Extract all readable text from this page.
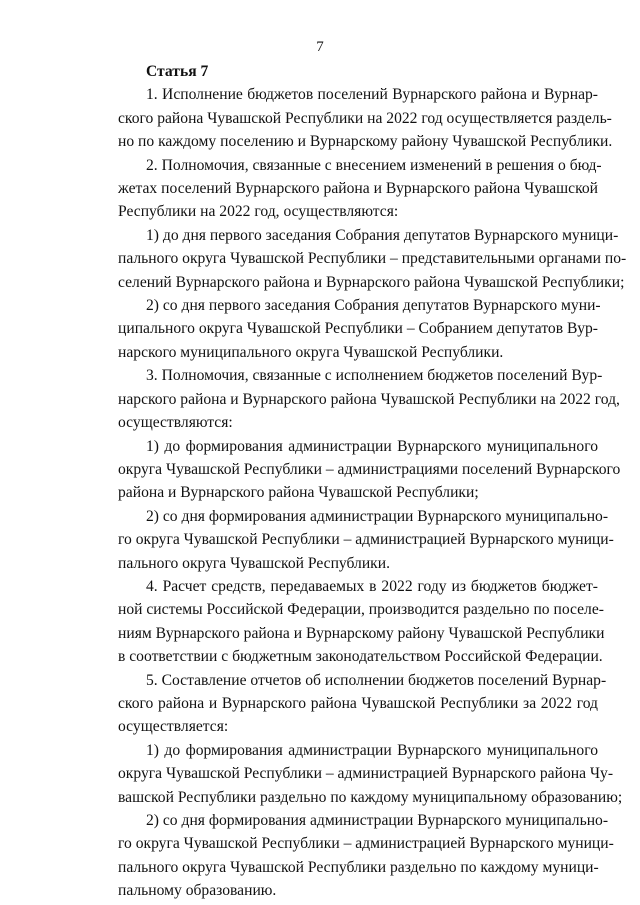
7
Статья 7
1. Исполнение бюджетов поселений Вурнарского района и Вурнар-
ского района Чувашской Республики на 2022 год осуществляется раздель-
но по каждому поселению и Вурнарскому району Чувашской Республики.
2. Полномочия, связанные с внесением изменений в решения о бюд-
жетах поселений Вурнарского района и Вурнарского района Чувашской
Республики на 2022 год, осуществляются:
1) до дня первого заседания Собрания депутатов Вурнарского муници-
пального округа Чувашской Республики – представительными органами по-
селений Вурнарского района и Вурнарского района Чувашской Республики;
2) со дня первого заседания Собрания депутатов Вурнарского муни-
ципального округа Чувашской Республики – Собранием депутатов Вур-
нарского муниципального округа Чувашской Республики.
3. Полномочия, связанные с исполнением бюджетов поселений Вур-
нарского района и Вурнарского района Чувашской Республики на 2022 год,
осуществляются:
1) до формирования администрации Вурнарского муниципального
округа Чувашской Республики – администрациями поселений Вурнарского
района и Вурнарского района Чувашской Республики;
2) со дня формирования администрации Вурнарского муниципально-
го округа Чувашской Республики – администрацией Вурнарского муници-
пального округа Чувашской Республики.
4. Расчет средств, передаваемых в 2022 году из бюджетов бюджет-
ной системы Российской Федерации, производится раздельно по поселе-
ниям Вурнарского района и Вурнарскому району Чувашской Республики
в соответствии с бюджетным законодательством Российской Федерации.
5. Составление отчетов об исполнении бюджетов поселений Вурнар-
ского района и Вурнарского района Чувашской Республики за 2022 год
осуществляется:
1) до формирования администрации Вурнарского муниципального
округа Чувашской Республики – администрацией Вурнарского района Чу-
вашской Республики раздельно по каждому муниципальному образованию;
2) со дня формирования администрации Вурнарского муниципально-
го округа Чувашской Республики – администрацией Вурнарского муници-
пального округа Чувашской Республики раздельно по каждому муници-
пальному образованию.
